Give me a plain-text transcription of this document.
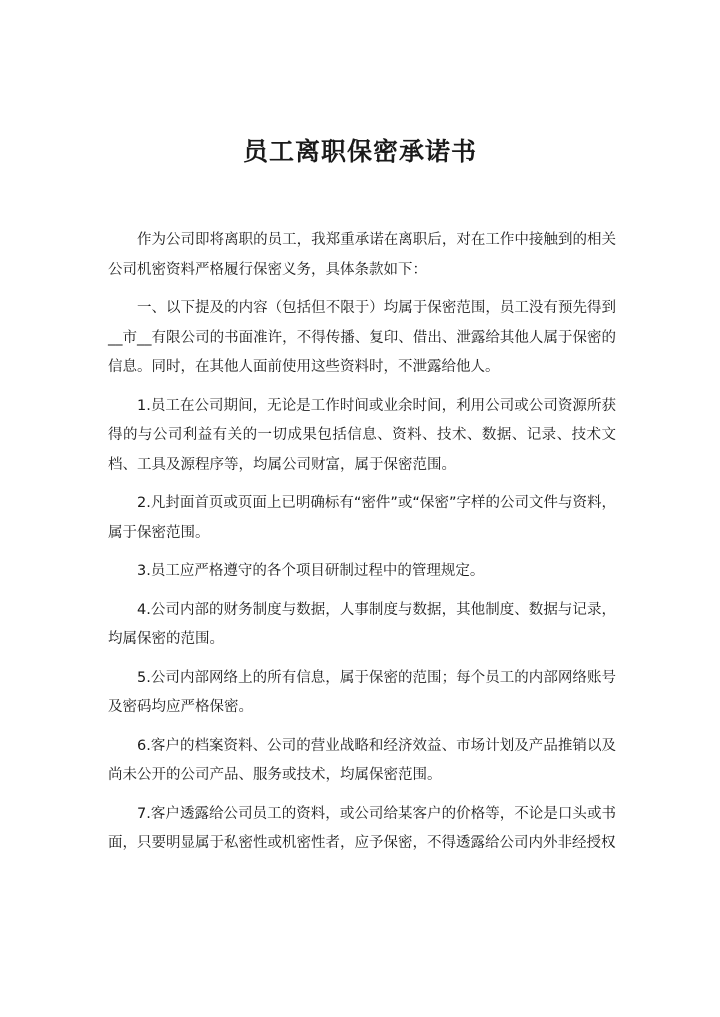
员工离职保密承诺书

作为公司即将离职的员工，我郑重承诺在离职后，对在工作中接触到的相关公司机密资料严格履行保密义务，具体条款如下：

一、以下提及的内容（包括但不限于）均属于保密范围，员工没有预先得到__市__有限公司的书面准许，不得传播、复印、借出、泄露给其他人属于保密的信息。同时，在其他人面前使用这些资料时，不泄露给他人。

1.员工在公司期间，无论是工作时间或业余时间，利用公司或公司资源所获得的与公司利益有关的一切成果包括信息、资料、技术、数据、记录、技术文档、工具及源程序等，均属公司财富，属于保密范围。

2.凡封面首页或页面上已明确标有“密件”或“保密”字样的公司文件与资料，属于保密范围。

3.员工应严格遵守的各个项目研制过程中的管理规定。

4.公司内部的财务制度与数据，人事制度与数据，其他制度、数据与记录，均属保密的范围。

5.公司内部网络上的所有信息，属于保密的范围；每个员工的内部网络账号及密码均应严格保密。

6.客户的档案资料、公司的营业战略和经济效益、市场计划及产品推销以及尚未公开的公司产品、服务或技术，均属保密范围。

7.客户透露给公司员工的资料，或公司给某客户的价格等，不论是口头或书面，只要明显属于私密性或机密性者，应予保密，不得透露给公司内外非经授权
